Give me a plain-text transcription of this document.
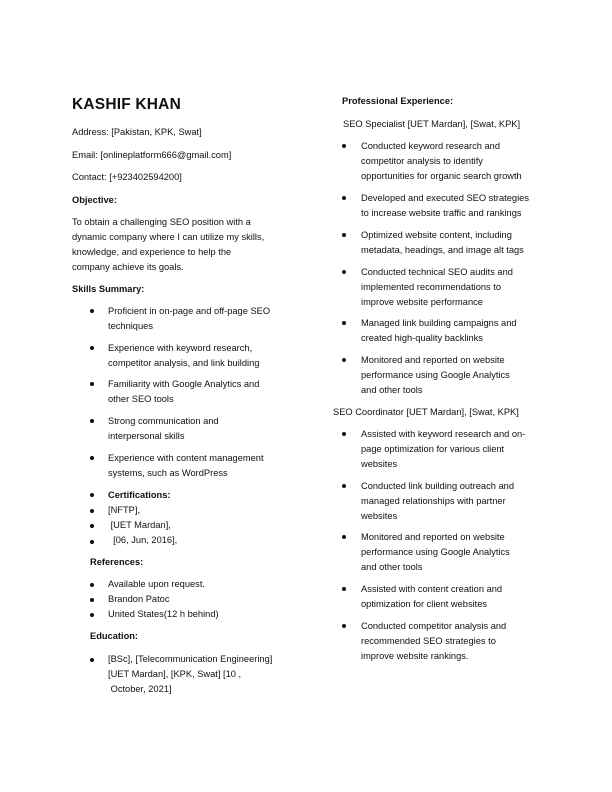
KASHIF KHAN
Address: [Pakistan, KPK, Swat]
Email: [onlineplatform666@gmail.com]
Contact: [+923402594200]
Objective:
To obtain a challenging SEO position with a
dynamic company where I can utilize my skills,
knowledge, and experience to help the
company achieve its goals.
Skills Summary:
Proficient in on-page and off-page SEO
techniques
Experience with keyword research,
competitor analysis, and link building
Familiarity with Google Analytics and
other SEO tools
Strong communication and
interpersonal skills
Experience with content management
systems, such as WordPress
Certifications:
[NFTP],
[UET Mardan],
[06, Jun, 2016],
References:
Available upon request.
Brandon Patoc
United States(12 h behind)
Education:
[BSc], [Telecommunication Engineering]
[UET Mardan], [KPK, Swat] [10 ,
October, 2021]
Professional Experience:
SEO Specialist [UET Mardan], [Swat, KPK]
Conducted keyword research and
competitor analysis to identify
opportunities for organic search growth
Developed and executed SEO strategies
to increase website traffic and rankings
Optimized website content, including
metadata, headings, and image alt tags
Conducted technical SEO audits and
implemented recommendations to
improve website performance
Managed link building campaigns and
created high-quality backlinks
Monitored and reported on website
performance using Google Analytics
and other tools
SEO Coordinator [UET Mardan], [Swat, KPK]
Assisted with keyword research and on-
page optimization for various client
websites
Conducted link building outreach and
managed relationships with partner
websites
Monitored and reported on website
performance using Google Analytics
and other tools
Assisted with content creation and
optimization for client websites
Conducted competitor analysis and
recommended SEO strategies to
improve website rankings.
